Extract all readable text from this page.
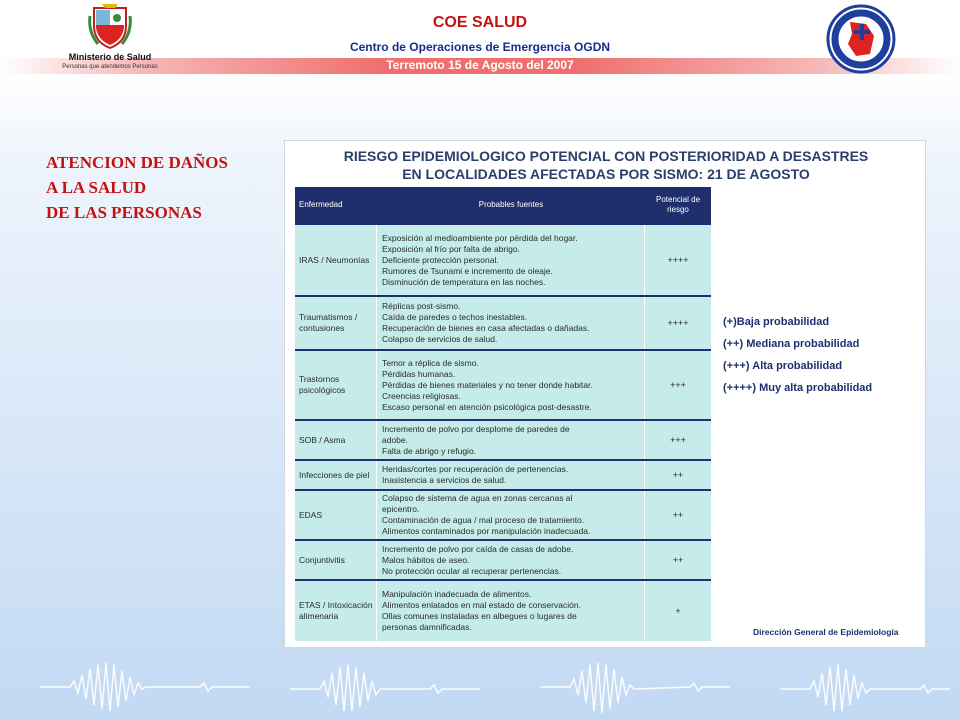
Ministerio de Salud
Personas que atendemos Personas
COE SALUD
Centro de Operaciones de Emergencia OGDN
Terremoto 15 de Agosto del 2007
ATENCION DE DAÑOS
A LA SALUD
DE LAS PERSONAS
RIESGO EPIDEMIOLOGICO POTENCIAL CON POSTERIORIDAD A DESASTRES
EN LOCALIDADES AFECTADAS POR SISMO: 21 DE AGOSTO
Enfermedad	Probables fuentes
Potencial de riesgo
IRAS / Neumonías
Exposición al medioambiente por pérdida del hogar.
Exposición al frío por falta de abrigo.
Deficiente protección personal.
Rumores de Tsunami e incremento de oleaje.
Disminución de temperatura en las noches.
++++
Traumatismos / contusiones
Réplicas post-sismo.
Caída de paredes o techos inestables.
Recuperación de bienes en casa afectadas o dañadas.
Colapso de servicios de salud.
++++
Trastornos psicológicos
Temor a réplica de sismo.
Pérdidas humanas.
Pérdidas de bienes materiales y no tener donde habitar.
Creencias religiosas.
Escaso personal en atención psicológica post-desastre.
+++
SOB / Asma
Incremento de polvo por desplome de paredes de
adobe.
Falta de abrigo y refugio.
+++
Infecciones de piel
Heridas/cortes por recuperación de pertenencias.
Inasistencia a servicios de salud.	++
EDAS
Colapso de sistema de agua en zonas cercanas al
epicentro.
Contaminación de agua / mal proceso de tratamiento.
Alimentos contaminados por manipulación inadecuada.
++
Conjuntivitis
Incremento de polvo por caída de casas de adobe.
Malos hábitos de aseo.
No protección ocular al recuperar pertenencias.
++
ETAS / Intoxicación alimenaria
Manipulación inadecuada de alimentos.
Alimentos enlatados en mal estado de conservación.
Ollas comunes instaladas en albegues o lugares de
personas damnificadas.
+
(+)Baja probabilidad
(++) Mediana probabilidad
(+++) Alta probabilidad
(++++) Muy alta probabilidad
Dirección General de Epidemiología
